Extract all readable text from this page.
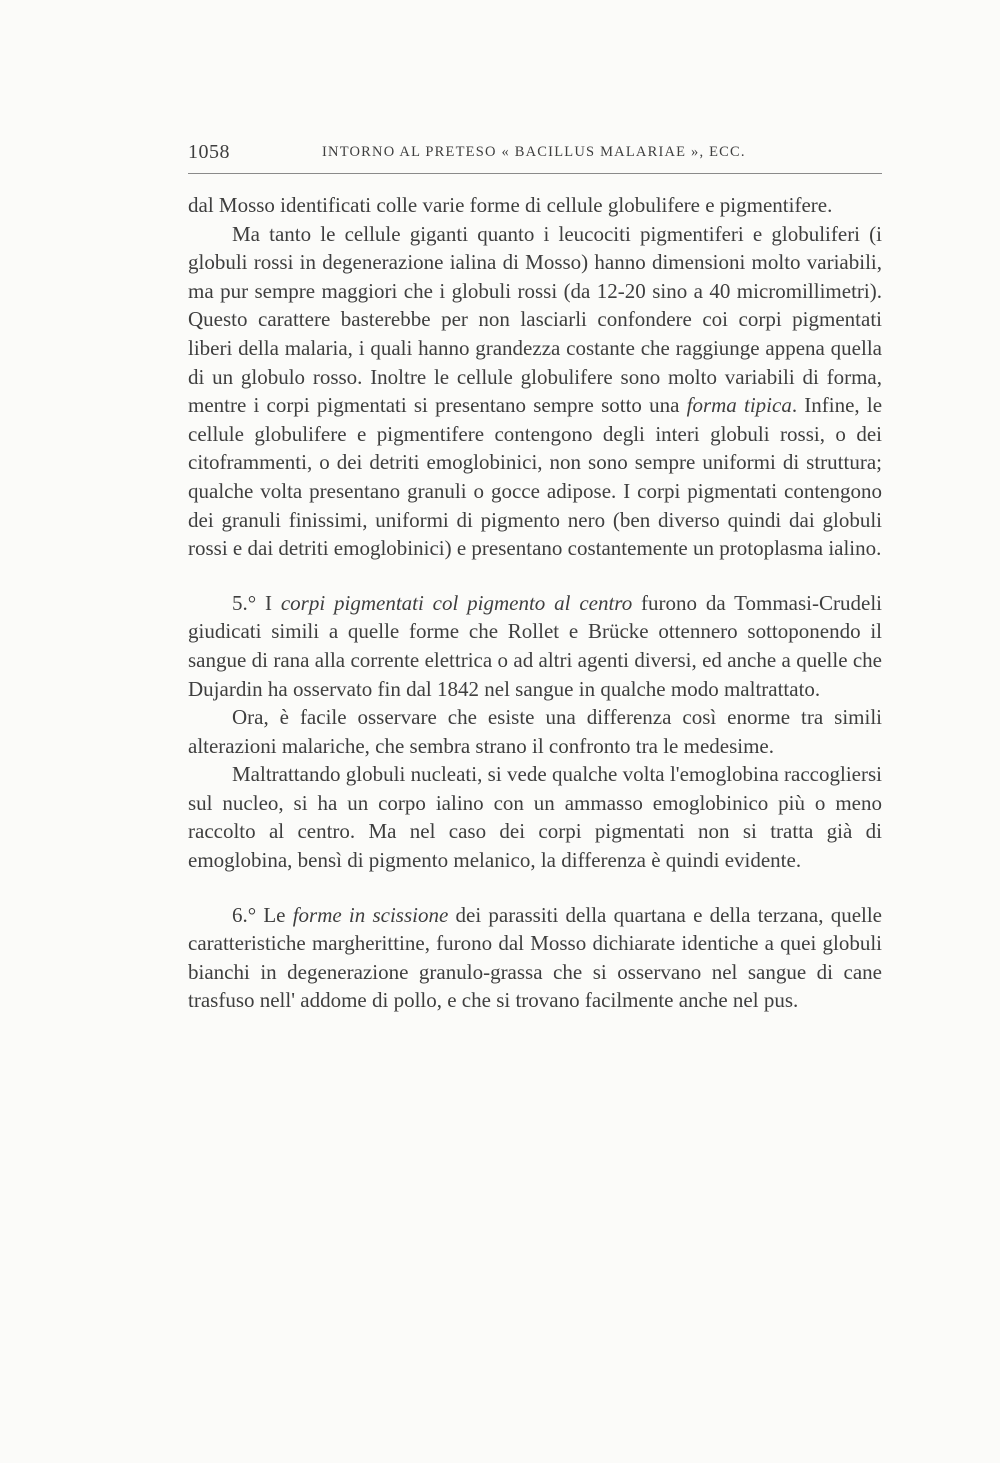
1058	INTORNO AL PRETESO « BACILLUS MALARIAE », ECC.

dal Mosso identificati colle varie forme di cellule globulifere e pigmentifere.

Ma tanto le cellule giganti quanto i leucociti pigmentiferi e globuliferi (i globuli rossi in degenerazione ialina di Mosso) hanno dimensioni molto variabili, ma pur sempre maggiori che i globuli rossi (da 12-20 sino a 40 micromillimetri). Questo carattere basterebbe per non lasciarli confondere coi corpi pigmentati liberi della malaria, i quali hanno grandezza costante che raggiunge appena quella di un globulo rosso. Inoltre le cellule globulifere sono molto variabili di forma, mentre i corpi pigmentati si presentano sempre sotto una forma tipica. Infine, le cellule globulifere e pigmentifere contengono degli interi globuli rossi, o dei citoframmenti, o dei detriti emoglobinici, non sono sempre uniformi di struttura; qualche volta presentano granuli o gocce adipose. I corpi pigmentati contengono dei granuli finissimi, uniformi di pigmento nero (ben diverso quindi dai globuli rossi e dai detriti emoglobinici) e presentano costantemente un protoplasma ialino.

5.° I corpi pigmentati col pigmento al centro furono da Tommasi-Crudeli giudicati simili a quelle forme che Rollet e Brücke ottennero sottoponendo il sangue di rana alla corrente elettrica o ad altri agenti diversi, ed anche a quelle che Dujardin ha osservato fin dal 1842 nel sangue in qualche modo maltrattato.

Ora, è facile osservare che esiste una differenza così enorme tra simili alterazioni malariche, che sembra strano il confronto tra le medesime.

Maltrattando globuli nucleati, si vede qualche volta l'emoglobina raccogliersi sul nucleo, si ha un corpo ialino con un ammasso emoglobinico più o meno raccolto al centro. Ma nel caso dei corpi pigmentati non si tratta già di emoglobina, bensì di pigmento melanico, la differenza è quindi evidente.

6.° Le forme in scissione dei parassiti della quartana e della terzana, quelle caratteristiche margherittine, furono dal Mosso dichiarate identiche a quei globuli bianchi in degenerazione granulo-grassa che si osservano nel sangue di cane trasfuso nell' addome di pollo, e che si trovano facilmente anche nel pus.
